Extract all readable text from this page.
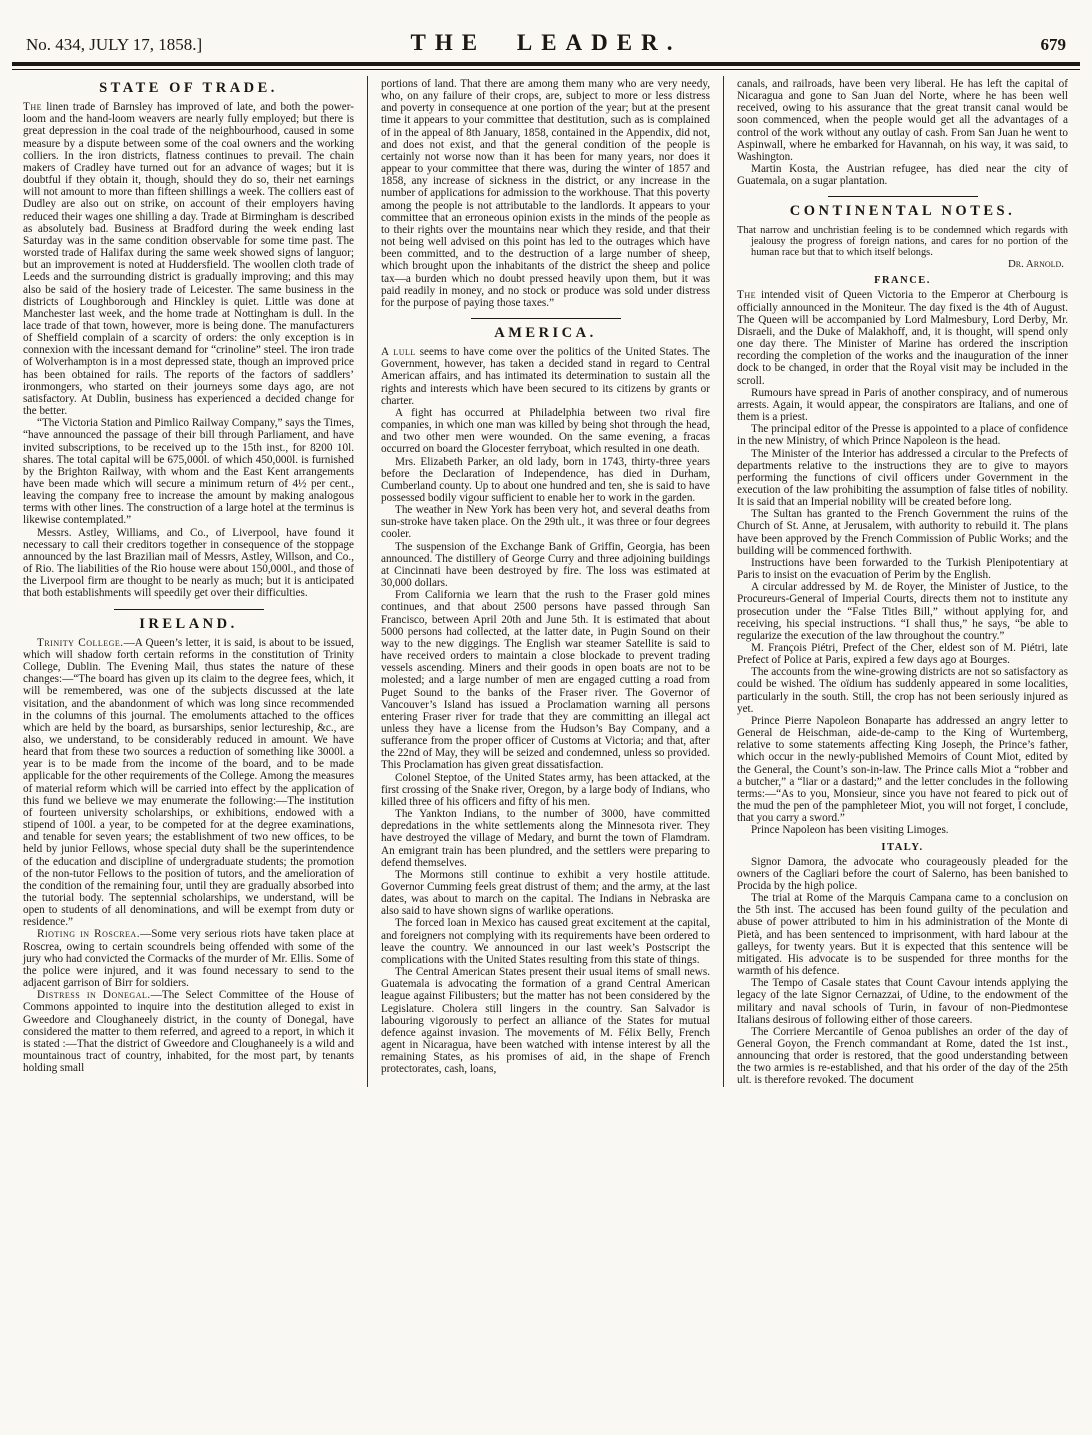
No. 434, JULY 17, 1858.]	THE LEADER.	679
STATE OF TRADE.

The linen trade of Barnsley has improved of late, and both the power-loom and the hand-loom weavers are nearly fully employed; but there is great depression in the coal trade of the neighbourhood, caused in some measure by a dispute between some of the coal owners and the working colliers. In the iron districts, flatness continues to prevail. The chain makers of Cradley have turned out for an advance of wages; but it is doubtful if they obtain it, though, should they do so, their net earnings will not amount to more than fifteen shillings a week. The colliers east of Dudley are also out on strike, on account of their employers having reduced their wages one shilling a day. Trade at Birmingham is described as absolutely bad. Business at Bradford during the week ending last Saturday was in the same condition observable for some time past. The worsted trade of Halifax during the same week showed signs of languor; but an improvement is noted at Huddersfield. The woollen cloth trade of Leeds and the surrounding district is gradually improving; and this may also be said of the hosiery trade of Leicester. The same business in the districts of Loughborough and Hinckley is quiet. Little was done at Manchester last week, and the home trade at Nottingham is dull. In the lace trade of that town, however, more is being done. The manufacturers of Sheffield complain of a scarcity of orders: the only exception is in connexion with the incessant demand for “crinoline” steel. The iron trade of Wolverhampton is in a most depressed state, though an improved price has been obtained for rails. The reports of the factors of saddlers’ ironmongers, who started on their journeys some days ago, are not satisfactory. At Dublin, business has experienced a decided change for the better.

“The Victoria Station and Pimlico Railway Company,” says the Times, “have announced the passage of their bill through Parliament, and have invited subscriptions, to be received up to the 15th inst., for 8200 10l. shares. The total capital will be 675,000l. of which 450,000l. is furnished by the Brighton Railway, with whom and the East Kent arrangements have been made which will secure a minimum return of 4½ per cent., leaving the company free to increase the amount by making analogous terms with other lines. The construction of a large hotel at the terminus is likewise contemplated.”

Messrs. Astley, Williams, and Co., of Liverpool, have found it necessary to call their creditors together in consequence of the stoppage announced by the last Brazilian mail of Messrs, Astley, Willson, and Co., of Rio. The liabilities of the Rio house were about 150,000l., and those of the Liverpool firm are thought to be nearly as much; but it is anticipated that both establishments will speedily get over their difficulties.

IRELAND.

Trinity College.—A Queen’s letter, it is said, is about to be issued, which will shadow forth certain reforms in the constitution of Trinity College, Dublin. The Evening Mail, thus states the nature of these changes:—“The board has given up its claim to the degree fees, which, it will be remembered, was one of the subjects discussed at the late visitation, and the abandonment of which was long since recommended in the columns of this journal. The emoluments attached to the offices which are held by the board, as bursarships, senior lectureship, &c., are also, we understand, to be considerably reduced in amount. We have heard that from these two sources a reduction of something like 3000l. a year is to be made from the income of the board, and to be made applicable for the other requirements of the College. Among the measures of material reform which will be carried into effect by the application of this fund we believe we may enumerate the following:—The institution of fourteen university scholarships, or exhibitions, endowed with a stipend of 100l. a year, to be competed for at the degree examinations, and tenable for seven years; the establishment of two new offices, to be held by junior Fellows, whose special duty shall be the superintendence of the education and discipline of undergraduate students; the promotion of the non-tutor Fellows to the position of tutors, and the amelioration of the condition of the remaining four, until they are gradually absorbed into the tutorial body. The septennial scholarships, we understand, will be open to students of all denominations, and will be exempt from duty or residence.”

Rioting in Roscrea.—Some very serious riots have taken place at Roscrea, owing to certain scoundrels being offended with some of the jury who had convicted the Cormacks of the murder of Mr. Ellis. Some of the police were injured, and it was found necessary to send to the adjacent garrison of Birr for soldiers.

Distress in Donegal.—The Select Committee of the House of Commons appointed to inquire into the destitution alleged to exist in Gweedore and Cloughaneely district, in the county of Donegal, have considered the matter to them referred, and agreed to a report, in which it is stated :—That the district of Gweedore and Cloughaneely is a wild and mountainous tract of country, inhabited, for the most part, by tenants holding small

portions of land. That there are among them many who are very needy, who, on any failure of their crops, are, subject to more or less distress and poverty in consequence at one portion of the year; but at the present time it appears to your committee that destitution, such as is complained of in the appeal of 8th January, 1858, contained in the Appendix, did not, and does not exist, and that the general condition of the people is certainly not worse now than it has been for many years, nor does it appear to your committee that there was, during the winter of 1857 and 1858, any increase of sickness in the district, or any increase in the number of applications for admission to the workhouse. That this poverty among the people is not attributable to the landlords. It appears to your committee that an erroneous opinion exists in the minds of the people as to their rights over the mountains near which they reside, and that their not being well advised on this point has led to the outrages which have been committed, and to the destruction of a large number of sheep, which brought upon the inhabitants of the district the sheep and police tax—a burden which no doubt pressed heavily upon them, but it was paid readily in money, and no stock or produce was sold under distress for the purpose of paying those taxes.”

AMERICA.

A lull seems to have come over the politics of the United States. The Government, however, has taken a decided stand in regard to Central American affairs, and has intimated its determination to sustain all the rights and interests which have been secured to its citizens by grants or charter.

A fight has occurred at Philadelphia between two rival fire companies, in which one man was killed by being shot through the head, and two other men were wounded. On the same evening, a fracas occurred on board the Glocester ferryboat, which resulted in one death.

Mrs. Elizabeth Parker, an old lady, born in 1743, thirty-three years before the Declaration of Independence, has died in Durham, Cumberland county. Up to about one hundred and ten, she is said to have possessed bodily vigour sufficient to enable her to work in the garden.

The weather in New York has been very hot, and several deaths from sun-stroke have taken place. On the 29th ult., it was three or four degrees cooler.

The suspension of the Exchange Bank of Griffin, Georgia, has been announced. The distillery of George Curry and three adjoining buildings at Cincinnati have been destroyed by fire. The loss was estimated at 30,000 dollars.

From California we learn that the rush to the Fraser gold mines continues, and that about 2500 persons have passed through San Francisco, between April 20th and June 5th. It is estimated that about 5000 persons had collected, at the latter date, in Pugin Sound on their way to the new diggings. The English war steamer Satellite is said to have received orders to maintain a close blockade to prevent trading vessels ascending. Miners and their goods in open boats are not to be molested; and a large number of men are engaged cutting a road from Puget Sound to the banks of the Fraser river. The Governor of Vancouver’s Island has issued a Proclamation warning all persons entering Fraser river for trade that they are committing an illegal act unless they have a license from the Hudson’s Bay Company, and a sufferance from the proper officer of Customs at Victoria; and that, after the 22nd of May, they will be seized and condemned, unless so provided. This Proclamation has given great dissatisfaction.

Colonel Steptoe, of the United States army, has been attacked, at the first crossing of the Snake river, Oregon, by a large body of Indians, who killed three of his officers and fifty of his men.

The Yankton Indians, to the number of 3000, have committed depredations in the white settlements along the Minnesota river. They have destroyed the village of Medary, and burnt the town of Flamdram. An emigrant train has been plundred, and the settlers were preparing to defend themselves.

The Mormons still continue to exhibit a very hostile attitude. Governor Cumming feels great distrust of them; and the army, at the last dates, was about to march on the capital. The Indians in Nebraska are also said to have shown signs of warlike operations.

The forced loan in Mexico has caused great excitement at the capital, and foreigners not complying with its requirements have been ordered to leave the country. We announced in our last week’s Postscript the complications with the United States resulting from this state of things.

The Central American States present their usual items of small news. Guatemala is advocating the formation of a grand Central American league against Filibusters; but the matter has not been considered by the Legislature. Cholera still lingers in the country. San Salvador is labouring vigorously to perfect an alliance of the States for mutual defence against invasion. The movements of M. Félix Belly, French agent in Nicaragua, have been watched with intense interest by all the remaining States, as his promises of aid, in the shape of French protectorates, cash, loans,

canals, and railroads, have been very liberal. He has left the capital of Nicaragua and gone to San Juan del Norte, where he has been well received, owing to his assurance that the great transit canal would be soon commenced, when the people would get all the advantages of a control of the work without any outlay of cash. From San Juan he went to Aspinwall, where he embarked for Havannah, on his way, it was said, to Washington.

Martin Kosta, the Austrian refugee, has died near the city of Guatemala, on a sugar plantation.

CONTINENTAL NOTES.

That narrow and unchristian feeling is to be condemned which regards with jealousy the progress of foreign nations, and cares for no portion of the human race but that to which itself belongs.

Dr. Arnold.

FRANCE.

The intended visit of Queen Victoria to the Emperor at Cherbourg is officially announced in the Moniteur. The day fixed is the 4th of August. The Queen will be accompanied by Lord Malmesbury, Lord Derby, Mr. Disraeli, and the Duke of Malakhoff, and, it is thought, will spend only one day there. The Minister of Marine has ordered the inscription recording the completion of the works and the inauguration of the inner dock to be changed, in order that the Royal visit may be included in the scroll.

Rumours have spread in Paris of another conspiracy, and of numerous arrests. Again, it would appear, the conspirators are Italians, and one of them is a priest.

The principal editor of the Presse is appointed to a place of confidence in the new Ministry, of which Prince Napoleon is the head.

The Minister of the Interior has addressed a circular to the Prefects of departments relative to the instructions they are to give to mayors performing the functions of civil officers under Government in the execution of the law prohibiting the assumption of false titles of nobility. It is said that an Imperial nobility will be created before long.

The Sultan has granted to the French Government the ruins of the Church of St. Anne, at Jerusalem, with authority to rebuild it. The plans have been approved by the French Commission of Public Works; and the building will be commenced forthwith.

Instructions have been forwarded to the Turkish Plenipotentiary at Paris to insist on the evacuation of Perim by the English.

A circular addressed by M. de Royer, the Minister of Justice, to the Procureurs-General of Imperial Courts, directs them not to institute any prosecution under the “False Titles Bill,” without applying for, and receiving, his special instructions. “I shall thus,” he says, “be able to regularize the execution of the law throughout the country.”

M. François Piétri, Prefect of the Cher, eldest son of M. Piétri, late Prefect of Police at Paris, expired a few days ago at Bourges.

The accounts from the wine-growing districts are not so satisfactory as could be wished. The oïdium has suddenly appeared in some localities, particularly in the south. Still, the crop has not been seriously injured as yet.

Prince Pierre Napoleon Bonaparte has addressed an angry letter to General de Heischman, aide-de-camp to the King of Wurtemberg, relative to some statements affecting King Joseph, the Prince’s father, which occur in the newly-published Memoirs of Count Miot, edited by the General, the Count’s son-in-law. The Prince calls Miot a “robber and a butcher,” a “liar or a dastard;” and the letter concludes in the following terms:—“As to you, Monsieur, since you have not feared to pick out of the mud the pen of the pamphleteer Miot, you will not forget, I conclude, that you carry a sword.”

Prince Napoleon has been visiting Limoges.

ITALY.

Signor Damora, the advocate who courageously pleaded for the owners of the Cagliari before the court of Salerno, has been banished to Procida by the high police.

The trial at Rome of the Marquis Campana came to a conclusion on the 5th inst. The accused has been found guilty of the peculation and abuse of power attributed to him in his administration of the Monte di Pietà, and has been sentenced to imprisonment, with hard labour at the galleys, for twenty years. But it is expected that this sentence will be mitigated. His advocate is to be suspended for three months for the warmth of his defence.

The Tempo of Casale states that Count Cavour intends applying the legacy of the late Signor Cernazzai, of Udine, to the endowment of the military and naval schools of Turin, in favour of non-Piedmontese Italians desirous of following either of those careers.

The Corriere Mercantile of Genoa publishes an order of the day of General Goyon, the French commandant at Rome, dated the 1st inst., announcing that order is restored, that the good understanding between the two armies is re-established, and that his order of the day of the 25th ult. is therefore revoked. The document
